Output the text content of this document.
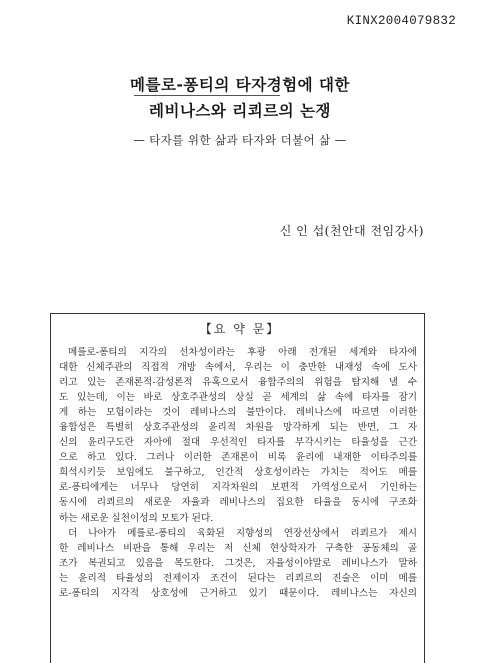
KINX2004079832
메를로-퐁티의 타자경험에 대한
레비나스와 리쾨르의 논쟁
— 타자를 위한 삶과 타자와 더불어 삶 —
신 인 섭(천안대 전임강사)
【요 약 문】

메를로-퐁티의 지각의 선차성이라는 후광 아래 전개된 세계와 타자에
대한 신체주관의 직접적 개방 속에서, 우리는 이 충만한 내재성 속에 도사
리고 있는 존재론적-감성론적 유혹으로서 융합주의의 위험을 탐지해 낼 수
도 있는데, 이는 바로 상호주관성의 상실 곧 세계의 삶 속에 타자를 잠기
게 하는 모험이라는 것이 레비나스의 불만이다. 레비나스에 따르면 이러한
융합성은 특별히 상호주관성의 윤리적 차원을 망각하게 되는 반면, 그 자
신의 윤리구도란 자아에 절대 우선적인 타자를 부각시키는 타율성을 근간
으로 하고 있다. 그러나 이러한 존재론이 비록 윤리에 내재한 이타주의를
희석시키듯 보임에도 불구하고, 인간적 상호성이라는 가치는 적어도 메를
로-퐁티에게는 너무나 당연히 지각차원의 보편적 가역성으로서 기인하는
동시에 리쾨르의 새로운 자율과 레비나스의 집요한 타율을 동시에 구조화
하는 새로운 실천이성의 모토가 된다.

더 나아가 메를로-퐁티의 육화된 지향성의 연장선상에서 리쾨르가 제시
한 레비나스 비판을 통해 우리는 저 신체 현상학자가 구축한 공동체의 골
조가 복권되고 있음을 목도한다. 그것은, 자율성이야말로 레비나스가 말하
는 윤리적 타율성의 전제이자 조건이 된다는 리쾨르의 진술은 이미 메를
로-퐁티의 지각적 상호성에 근거하고 있기 때문이다. 레비나스는 자신의
